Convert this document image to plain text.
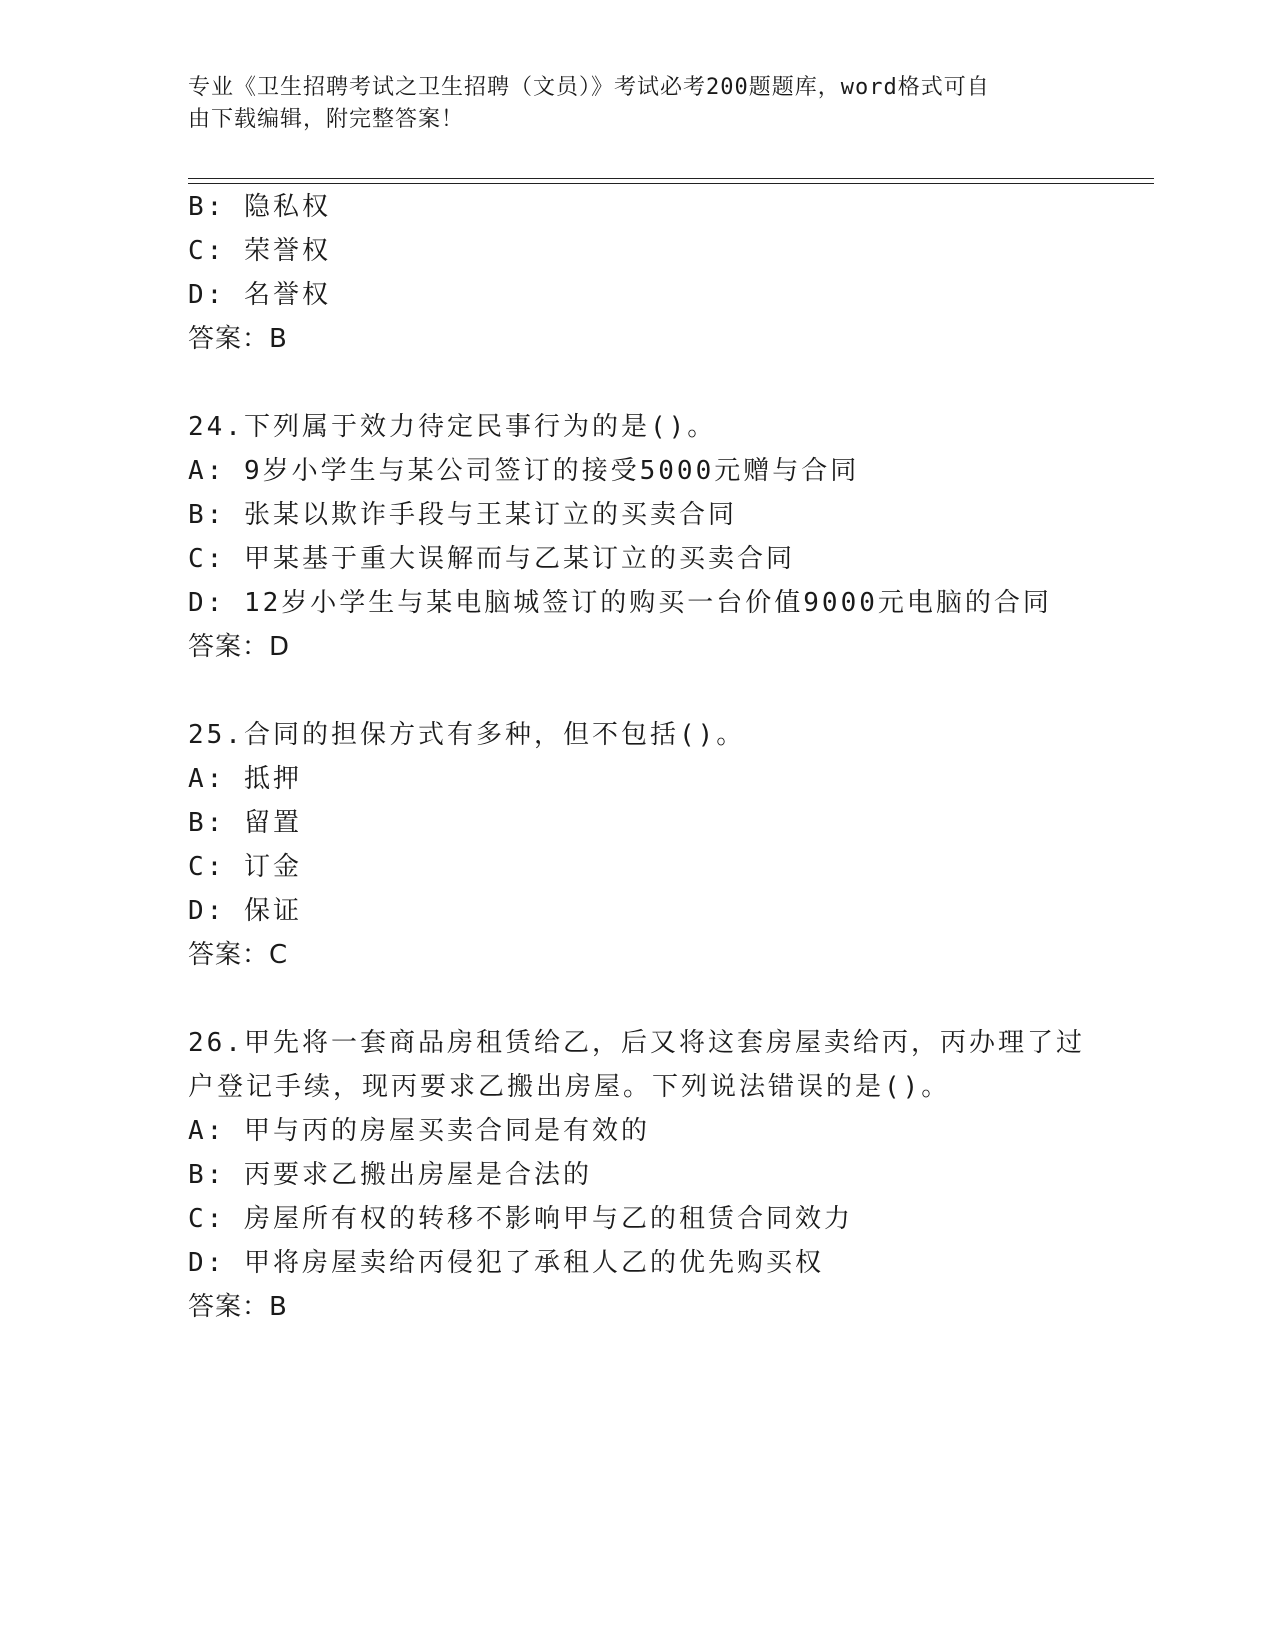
专业《卫生招聘考试之卫生招聘（文员）》考试必考200题题库，word格式可自
由下载编辑，附完整答案！
B: 隐私权
C: 荣誉权
D: 名誉权
答案：B
24.下列属于效力待定民事行为的是()。
A: 9岁小学生与某公司签订的接受5000元赠与合同
B: 张某以欺诈手段与王某订立的买卖合同
C: 甲某基于重大误解而与乙某订立的买卖合同
D: 12岁小学生与某电脑城签订的购买一台价值9000元电脑的合同
答案：D
25.合同的担保方式有多种，但不包括()。
A: 抵押
B: 留置
C: 订金
D: 保证
答案：C
26.甲先将一套商品房租赁给乙，后又将这套房屋卖给丙，丙办理了过
户登记手续，现丙要求乙搬出房屋。下列说法错误的是()。
A: 甲与丙的房屋买卖合同是有效的
B: 丙要求乙搬出房屋是合法的
C: 房屋所有权的转移不影响甲与乙的租赁合同效力
D: 甲将房屋卖给丙侵犯了承租人乙的优先购买权
答案：B
